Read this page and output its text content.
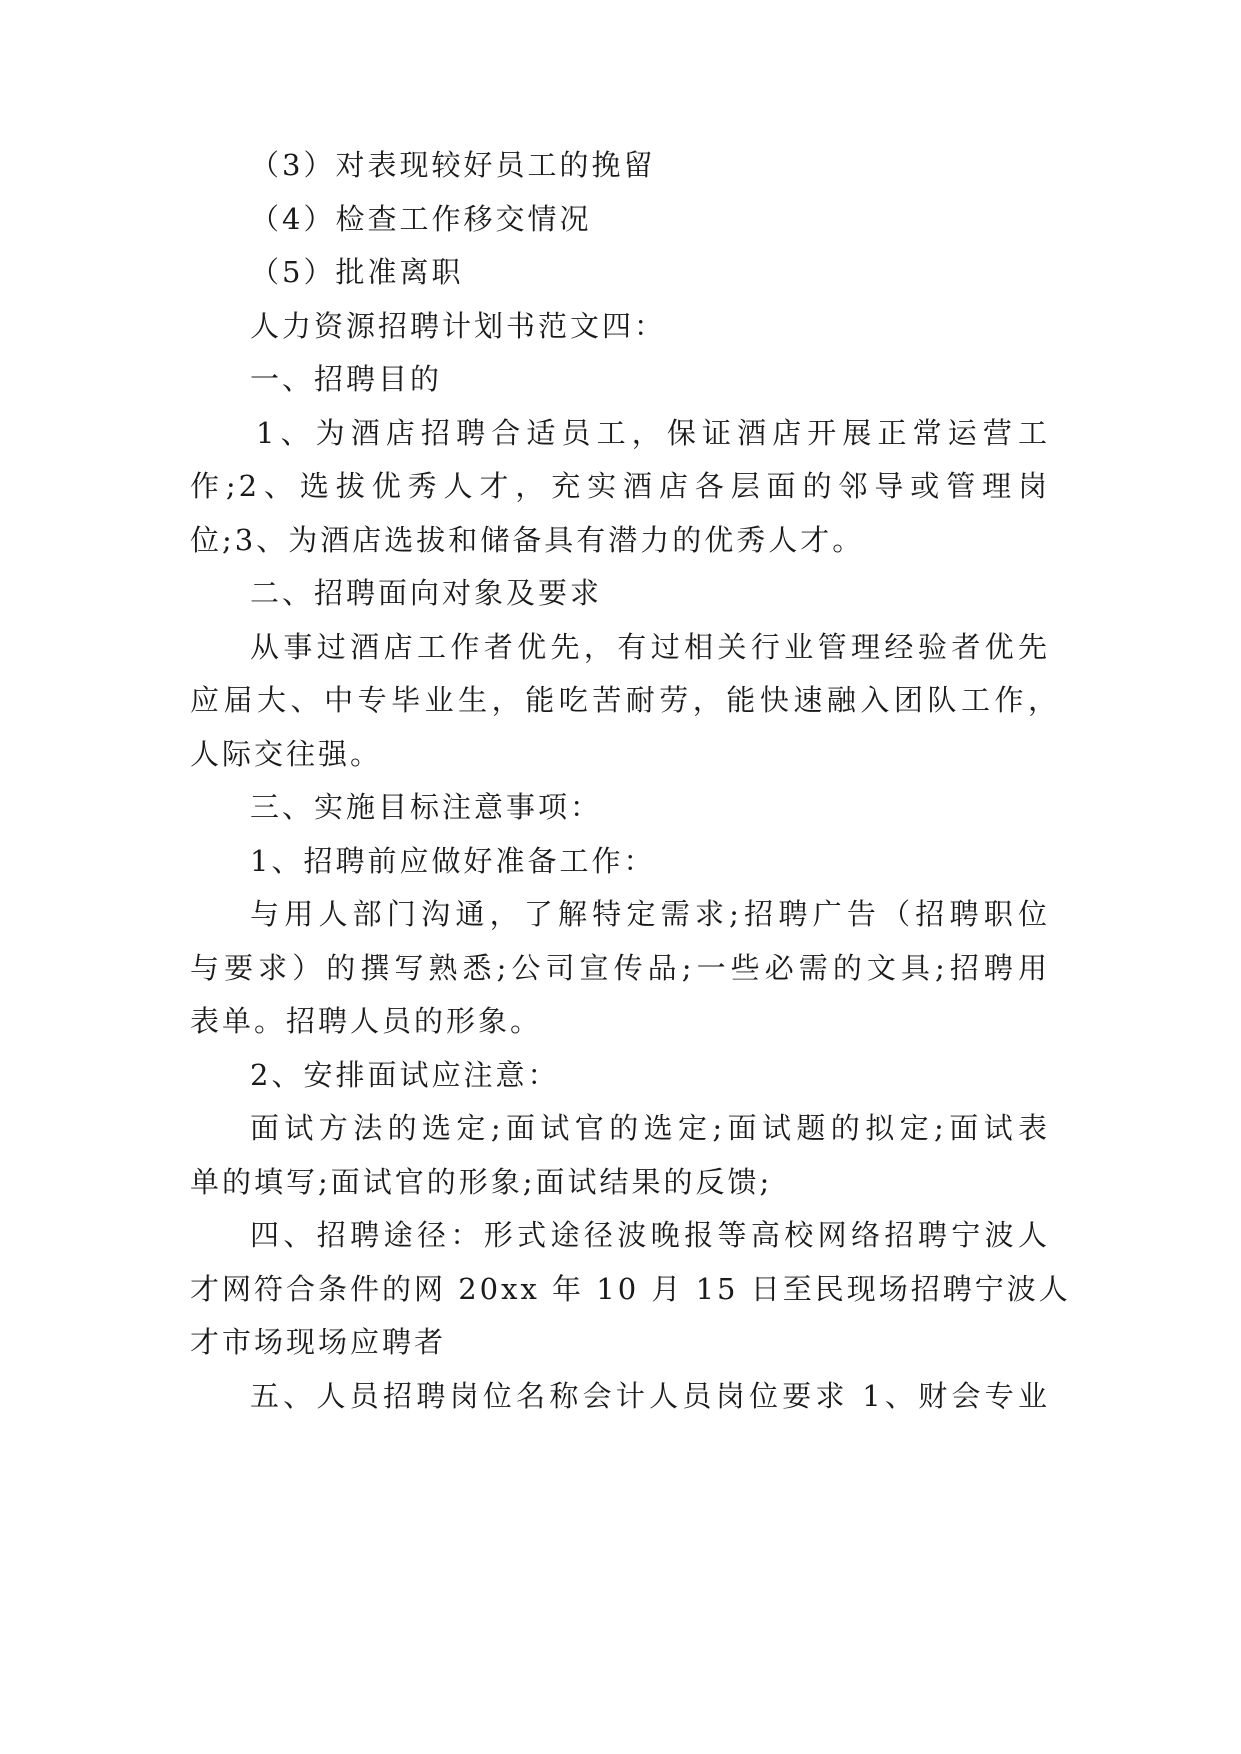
（3）对表现较好员工的挽留

（4）检查工作移交情况

（5）批准离职

人力资源招聘计划书范文四：

一、招聘目的

1、为酒店招聘合适员工，保证酒店开展正常运营工

作;2、选拔优秀人才，充实酒店各层面的邻导或管理岗

位;3、为酒店选拔和储备具有潜力的优秀人才。

二、招聘面向对象及要求

从事过酒店工作者优先，有过相关行业管理经验者优先

应届大、中专毕业生，能吃苦耐劳，能快速融入团队工作，

人际交往强。

三、实施目标注意事项：

1、招聘前应做好准备工作：

与用人部门沟通，了解特定需求;招聘广告（招聘职位

与要求）的撰写熟悉;公司宣传品;一些必需的文具;招聘用

表单。招聘人员的形象。

2、安排面试应注意：

面试方法的选定;面试官的选定;面试题的拟定;面试表

单的填写;面试官的形象;面试结果的反馈;

四、招聘途径：形式途径波晚报等高校网络招聘宁波人

才网符合条件的网 20xx 年 10 月 15 日至民现场招聘宁波人

才市场现场应聘者

五、人员招聘岗位名称会计人员岗位要求 1、财会专业
